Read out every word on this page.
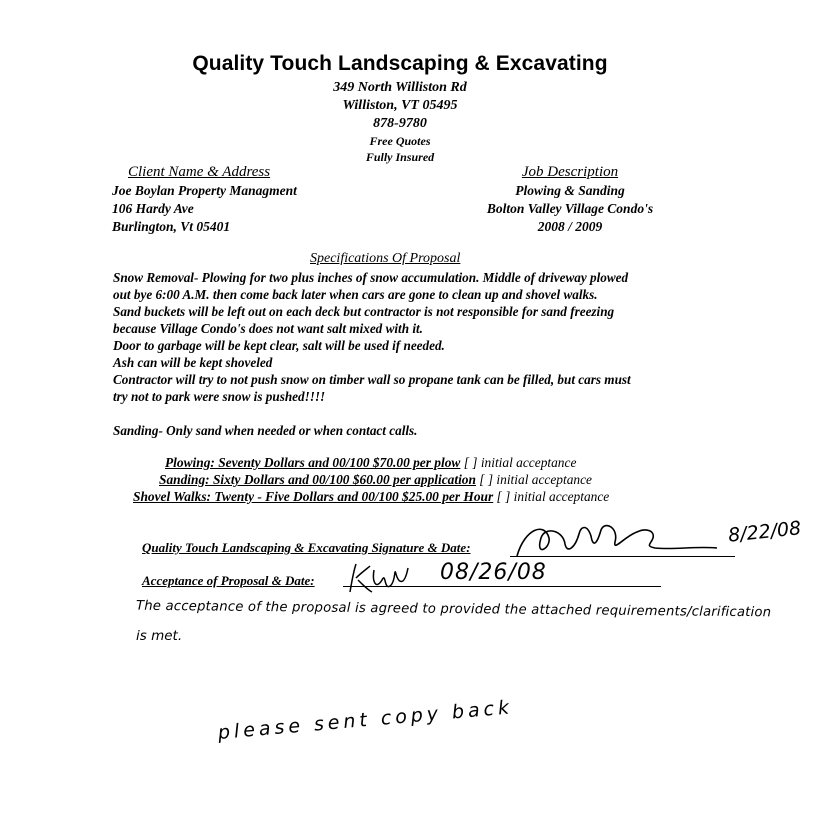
Quality Touch Landscaping & Excavating
349 North Williston Rd
Williston, VT 05495
878-9780
Free Quotes
Fully Insured
Client Name & Address
Joe Boylan Property Managment
106 Hardy Ave
Burlington, Vt 05401
Job Description
Plowing & Sanding
Bolton Valley Village Condo's
2008 / 2009
Specifications Of Proposal
Snow Removal- Plowing for two plus inches of snow accumulation. Middle of driveway plowed
out bye 6:00 A.M. then come back later when cars are gone to clean up and shovel walks.
Sand buckets will be left out on each deck but contractor is not responsible for sand freezing
because Village Condo's does not want salt mixed with it.
Door to garbage will be kept clear, salt will be used if needed.
Ash can will be kept shoveled
Contractor will try to not push snow on timber wall so propane tank can be filled, but cars must
try not to park were snow is pushed!!!!
Sanding- Only sand when needed or when contact calls.
Plowing: Seventy Dollars and 00/100 $70.00 per plow [ ] initial acceptance
Sanding: Sixty Dollars and 00/100 $60.00 per application [ ] initial acceptance
Shovel Walks: Twenty - Five Dollars and 00/100 $25.00 per Hour [ ] initial acceptance
Quality Touch Landscaping & Excavating Signature & Date:
8/22/08
Acceptance of Proposal & Date:	08/26/08
The acceptance of the proposal is agreed to provided the attached requirements/clarification
is met.
please sent copy back
